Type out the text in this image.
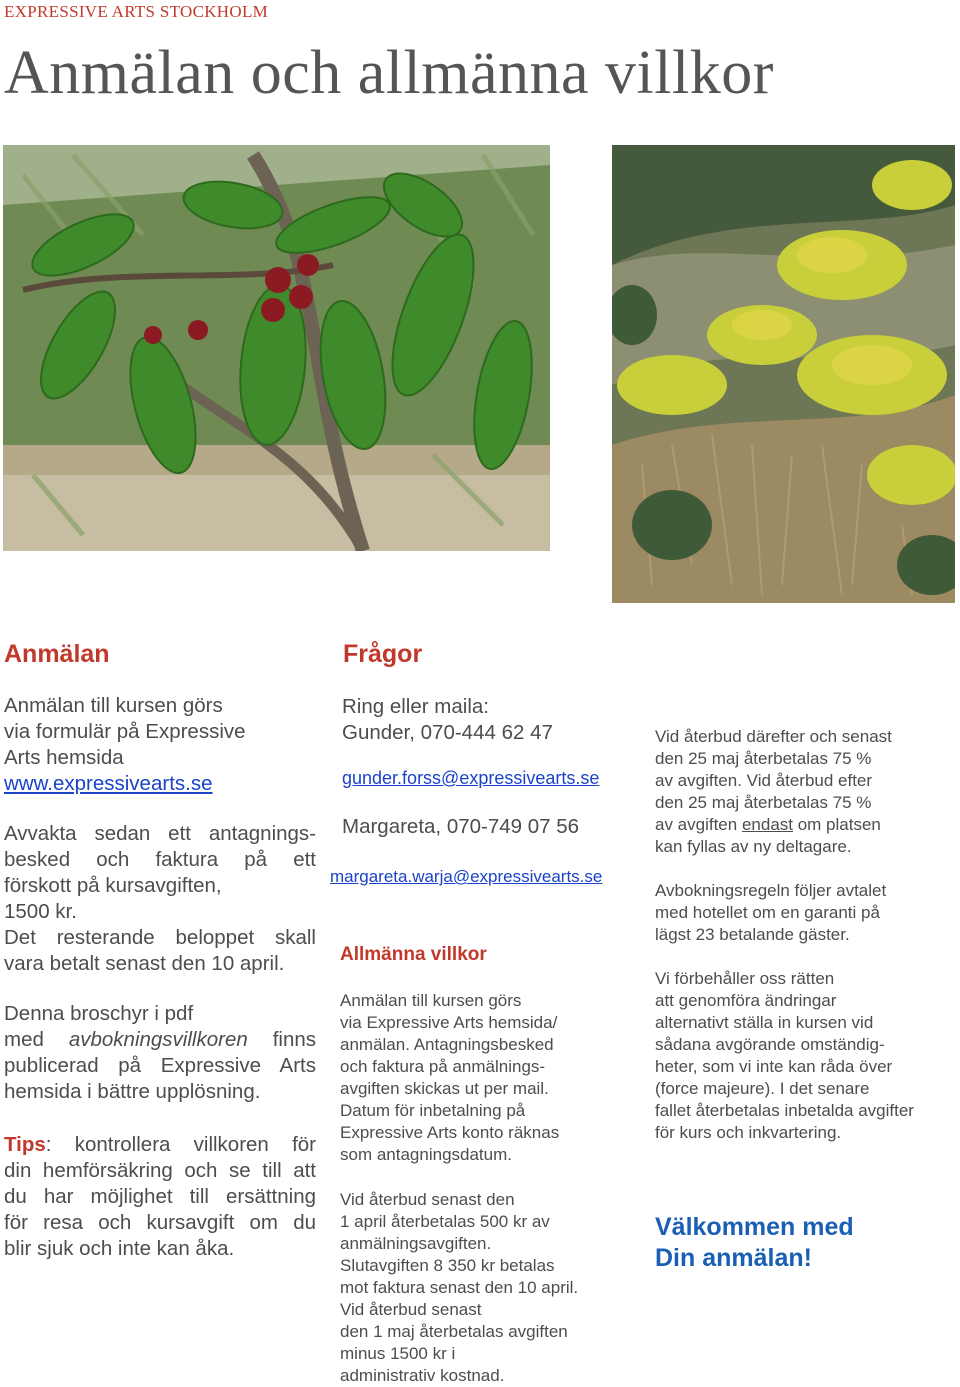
EXPRESSIVE ARTS STOCKHOLM
Anmälan och allmänna villkor
Anmälan
Anmälan till kursen görs
via formulär på Expressive
Arts hemsida
www.expressivearts.se

Avvakta sedan ett antagnings-

besked och faktura på ett

förskott på kursavgiften,

1500 kr.

Det resterande beloppet skall

vara betalt senast den 10 april.

Denna broschyr i pdf

med avbokningsvillkoren finns

publicerad på Expressive Arts

hemsida i bättre upplösning.

Tips: kontrollera villkoren för

din hemförsäkring och se till att

du har möjlighet till ersättning

för resa och kursavgift om du

blir sjuk och inte kan åka.

Frågor
Ring eller maila:
Gunder, 070-444 62 47
gunder.forss@expressivearts.se
Margareta, 070-749 07 56
margareta.warja@expressivearts.se
Allmänna villkor
Anmälan till kursen görs
via Expressive Arts hemsida/
anmälan. Antagningsbesked
och faktura på anmälnings-
avgiften skickas ut per mail.
Datum för inbetalning på
Expressive Arts konto räknas
som antagningsdatum.
Vid återbud senast den
1 april återbetalas 500 kr av
anmälningsavgiften.
Slutavgiften 8 350 kr betalas
mot faktura senast den 10 april.
Vid återbud senast
den 1 maj återbetalas avgiften
minus 1500 kr i
administrativ kostnad.
Vid återbud därefter och senast
den 25 maj återbetalas 75 %
av avgiften. Vid återbud efter
den 25 maj återbetalas 75 %
av avgiften endast om platsen
kan fyllas av ny deltagare.
Avbokningsregeln följer avtalet
med hotellet om en garanti på
lägst 23 betalande gäster.
Vi förbehåller oss rätten
att genomföra ändringar
alternativt ställa in kursen vid
sådana avgörande omständig-
heter, som vi inte kan råda över
(force majeure). I det senare
fallet återbetalas inbetalda avgifter
för kurs och inkvartering.
Välkommen med
Din anmälan!
